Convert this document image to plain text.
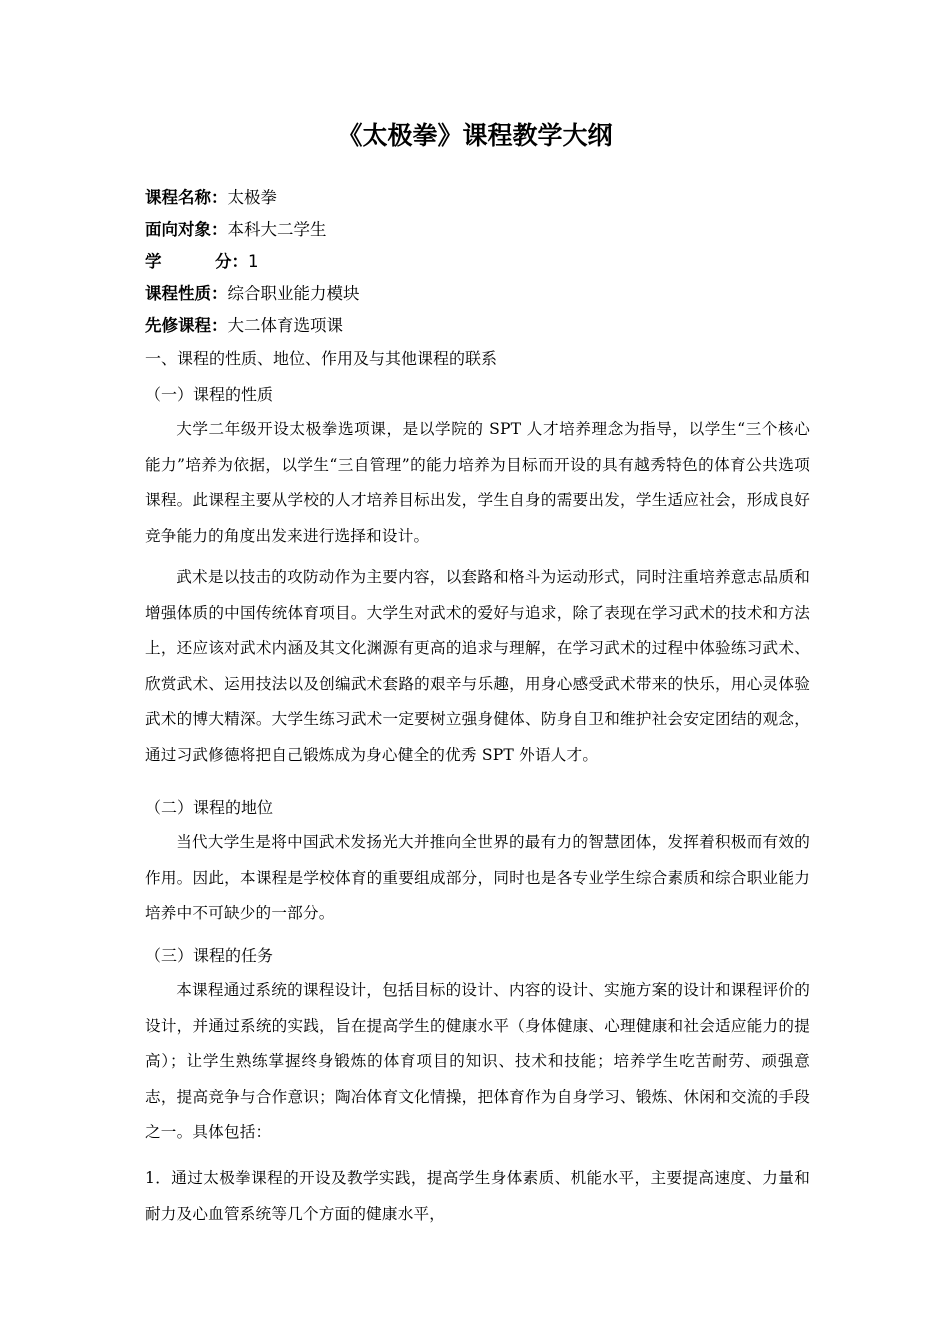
《太极拳》课程教学大纲
课程名称：太极拳
面向对象：本科大二学生
学	分：1
课程性质：综合职业能力模块
先修课程：大二体育选项课
一、课程的性质、地位、作用及与其他课程的联系
（一）课程的性质
大学二年级开设太极拳选项课，是以学院的 SPT 人才培养理念为指导，以学生“三个核心能力”培养为依据，以学生“三自管理”的能力培养为目标而开设的具有越秀特色的体育公共选项课程。此课程主要从学校的人才培养目标出发，学生自身的需要出发，学生适应社会，形成良好竞争能力的角度出发来进行选择和设计。
武术是以技击的攻防动作为主要内容，以套路和格斗为运动形式，同时注重培养意志品质和增强体质的中国传统体育项目。大学生对武术的爱好与追求，除了表现在学习武术的技术和方法上，还应该对武术内涵及其文化渊源有更高的追求与理解，在学习武术的过程中体验练习武术、欣赏武术、运用技法以及创编武术套路的艰辛与乐趣，用身心感受武术带来的快乐，用心灵体验武术的博大精深。大学生练习武术一定要树立强身健体、防身自卫和维护社会安定团结的观念，通过习武修德将把自己锻炼成为身心健全的优秀 SPT 外语人才。
（二）课程的地位
当代大学生是将中国武术发扬光大并推向全世界的最有力的智慧团体，发挥着积极而有效的作用。因此，本课程是学校体育的重要组成部分，同时也是各专业学生综合素质和综合职业能力培养中不可缺少的一部分。
（三）课程的任务
本课程通过系统的课程设计，包括目标的设计、内容的设计、实施方案的设计和课程评价的设计，并通过系统的实践，旨在提高学生的健康水平（身体健康、心理健康和社会适应能力的提高）；让学生熟练掌握终身锻炼的体育项目的知识、技术和技能；培养学生吃苦耐劳、顽强意志，提高竞争与合作意识；陶冶体育文化情操，把体育作为自身学习、锻炼、休闲和交流的手段之一。具体包括：
1．通过太极拳课程的开设及教学实践，提高学生身体素质、机能水平，主要提高速度、力量和耐力及心血管系统等几个方面的健康水平，
